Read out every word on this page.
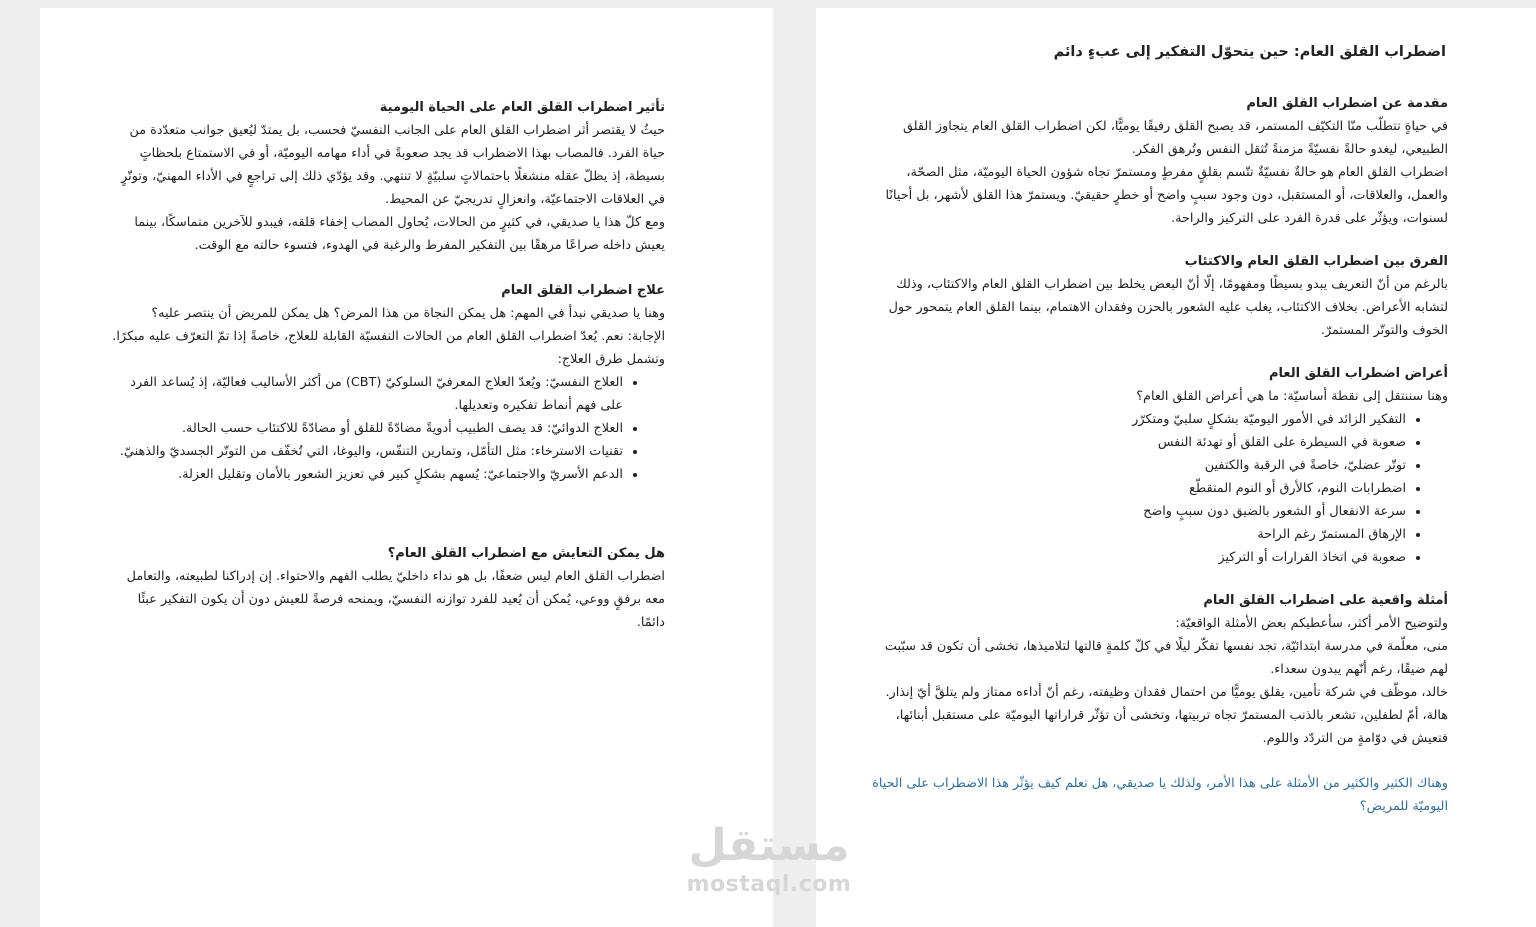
تأثير اضطراب القلق العام على الحياة اليومية

حيثُ لا يقتصر أثر اضطراب القلق العام على الجانب النفسيّ فحسب، بل يمتدّ ليُعيق جوانب متعدّدة من حياة الفرد. فالمصاب بهذا الاضطراب قد يجد صعوبةً في أداء مهامه اليوميّة، أو في الاستمتاع بلحظاتٍ بسيطة، إذ يظلّ عقله منشغلًا باحتمالاتٍ سلبيّةٍ لا تنتهي. وقد يؤدّي ذلك إلى تراجعٍ في الأداء المهنيّ، وتوتّرٍ في العلاقات الاجتماعيّة، وانعزالٍ تدريجيّ عن المحيط.

ومع كلّ هذا يا صديقي، في كثيرٍ من الحالات، يُحاول المصاب إخفاء قلقه، فيبدو للآخرين متماسكًا، بينما يعيش داخله صراعًا مرهقًا بين التفكير المفرط والرغبة في الهدوء، فتسوء حالته مع الوقت.

علاج اضطراب القلق العام

وهنا يا صديقي نبدأ في المهم: هل يمكن النجاة من هذا المرض؟ هل يمكن للمريض أن ينتصر عليه؟

الإجابة: نعم. يُعدّ اضطراب القلق العام من الحالات النفسيّة القابلة للعلاج، خاصةً إذا تمّ التعرّف عليه مبكرًا. وتشمل طرق العلاج:

• العلاج النفسيّ: ويُعدّ العلاج المعرفيّ السلوكيّ (CBT) من أكثر الأساليب فعاليّة، إذ يُساعد الفرد على فهم أنماط تفكيره وتعديلها.
• العلاج الدوائيّ: قد يصف الطبيب أدويةً مضادّةً للقلق أو مضادّةً للاكتئاب حسب الحالة.
• تقنيات الاسترخاء: مثل التأمّل، وتمارين التنفّس، واليوغا، التي تُخفّف من التوتّر الجسديّ والذهنيّ.
• الدعم الأسريّ والاجتماعيّ: يُسهم بشكلٍ كبير في تعزيز الشعور بالأمان وتقليل العزلة.
هل يمكن التعايش مع اضطراب القلق العام؟

اضطراب القلق العام ليس ضعفًا، بل هو نداء داخليّ يطلب الفهم والاحتواء. إن إدراكنا لطبيعته، والتعامل معه برفقٍ ووعي، يُمكن أن يُعيد للفرد توازنه النفسيّ، ويمنحه فرصةً للعيش دون أن يكون التفكير عبئًا دائمًا.

اضطراب القلق العام: حين يتحوّل التفكير إلى عبءٍ دائم
مقدمة عن اضطراب القلق العام

في حياةٍ تتطلّب منّا التكيّف المستمر، قد يصبح القلق رفيقًا يوميًّا، لكن اضطراب القلق العام يتجاوز القلق الطبيعي، ليغدو حالةً نفسيّةً مزمنةً تُثقل النفس وتُرهق الفكر.

اضطراب القلق العام هو حالةٌ نفسيّةٌ تتّسم بقلقٍ مفرطٍ ومستمرّ تجاه شؤون الحياة اليوميّة، مثل الصحّة، والعمل، والعلاقات، أو المستقبل، دون وجود سببٍ واضح أو خطرٍ حقيقيّ. ويستمرّ هذا القلق لأشهر، بل أحيانًا لسنوات، ويؤثّر على قدرة الفرد على التركيز والراحة.

الفرق بين اضطراب القلق العام والاكتئاب

بالرغم من أنّ التعريف يبدو بسيطًا ومفهومًا، إلّا أنّ البعض يخلط بين اضطراب القلق العام والاكتئاب، وذلك لتشابه الأعراض. بخلاف الاكتئاب، يغلب عليه الشعور بالحزن وفقدان الاهتمام، بينما القلق العام يتمحور حول الخوف والتوتّر المستمرّ.

أعراض اضطراب القلق العام

وهنا سننتقل إلى نقطة أساسيّة: ما هي أعراض القلق العام؟

• التفكير الزائد في الأمور اليوميّة بشكلٍ سلبيّ ومتكرّر
• صعوبة في السيطرة على القلق أو تهدئة النفس
• توتّر عضليّ، خاصةً في الرقبة والكتفين
• اضطرابات النوم، كالأرق أو النوم المتقطّع
• سرعة الانفعال أو الشعور بالضيق دون سببٍ واضح
• الإرهاق المستمرّ رغم الراحة
• صعوبة في اتخاذ القرارات أو التركيز
أمثلة واقعية على اضطراب القلق العام

ولتوضيح الأمر أكثر، سأعطيكم بعض الأمثلة الواقعيّة:

منى، معلّمة في مدرسة ابتدائيّة، تجد نفسها تفكّر ليلًا في كلّ كلمةٍ قالتها لتلاميذها، تخشى أن تكون قد سبّبت لهم ضيقًا، رغم أنّهم يبدون سعداء.

خالد، موظّف في شركة تأمين، يقلق يوميًّا من احتمال فقدان وظيفته، رغم أنّ أداءه ممتاز ولم يتلقَّ أيّ إنذار.

هالة، أمّ لطفلين، تشعر بالذنب المستمرّ تجاه تربيتها، وتخشى أن تؤثّر قراراتها اليوميّة على مستقبل أبنائها، فتعيش في دوّامةٍ من التردّد واللوم.

وهناك الكثير والكثير من الأمثلة على هذا الأمر، ولذلك يا صديقي، هل تعلم كيف يؤثّر هذا الاضطراب على الحياة اليوميّة للمريض؟

مستقل
mostaql.com
